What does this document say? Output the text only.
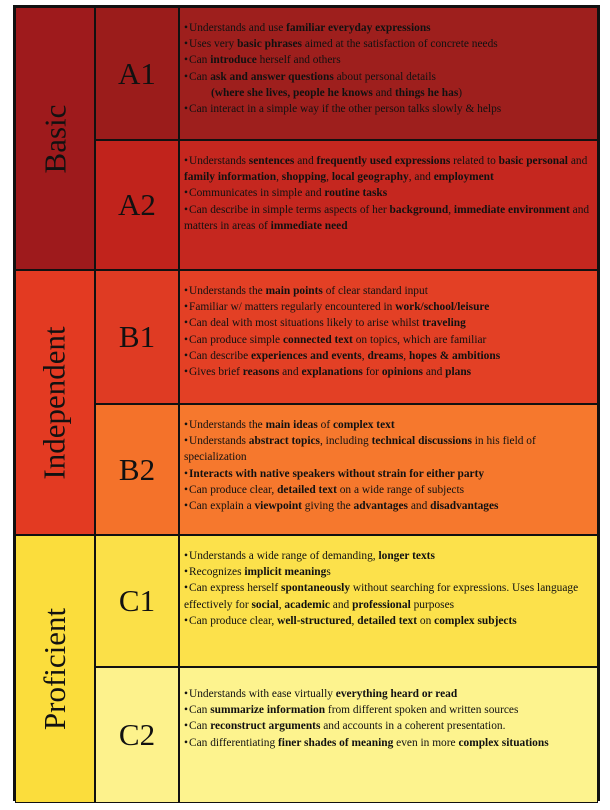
Basic
Independent
Proficient
A1
• Understands and use familiar everyday expressions
• Uses very basic phrases aimed at the satisfaction of concrete needs
• Can introduce herself and others
• Can ask and answer questions about personal details
(where she lives, people he knows and things he has)
• Can interact in a simple way if the other person talks slowly & helps
A2
• Understands sentences and frequently used expressions related to basic personal and family information, shopping, local geography, and employment
• Communicates in simple and routine tasks
• Can describe in simple terms aspects of her background, immediate environment and matters in areas of immediate need
B1
• Understands the main points of clear standard input
• Familiar w/ matters regularly encountered in work/school/leisure
• Can deal with most situations likely to arise whilst traveling
• Can produce simple connected text on topics, which are familiar
• Can describe experiences and events, dreams, hopes & ambitions
• Gives brief reasons and explanations for opinions and plans
B2
• Understands the main ideas of complex text
• Understands abstract topics, including technical discussions in his field of specialization
• Interacts with native speakers without strain for either party
• Can produce clear, detailed text on a wide range of subjects
• Can explain a viewpoint giving the advantages and disadvantages
C1
• Understands a wide range of demanding, longer texts
• Recognizes implicit meanings
• Can express herself spontaneously without searching for expressions. Uses language effectively for social, academic and professional purposes
• Can produce clear, well-structured, detailed text on complex subjects
C2
• Understands with ease virtually everything heard or read
• Can summarize information from different spoken and written sources
• Can reconstruct arguments and accounts in a coherent presentation.
• Can differentiating finer shades of meaning even in more complex situations
